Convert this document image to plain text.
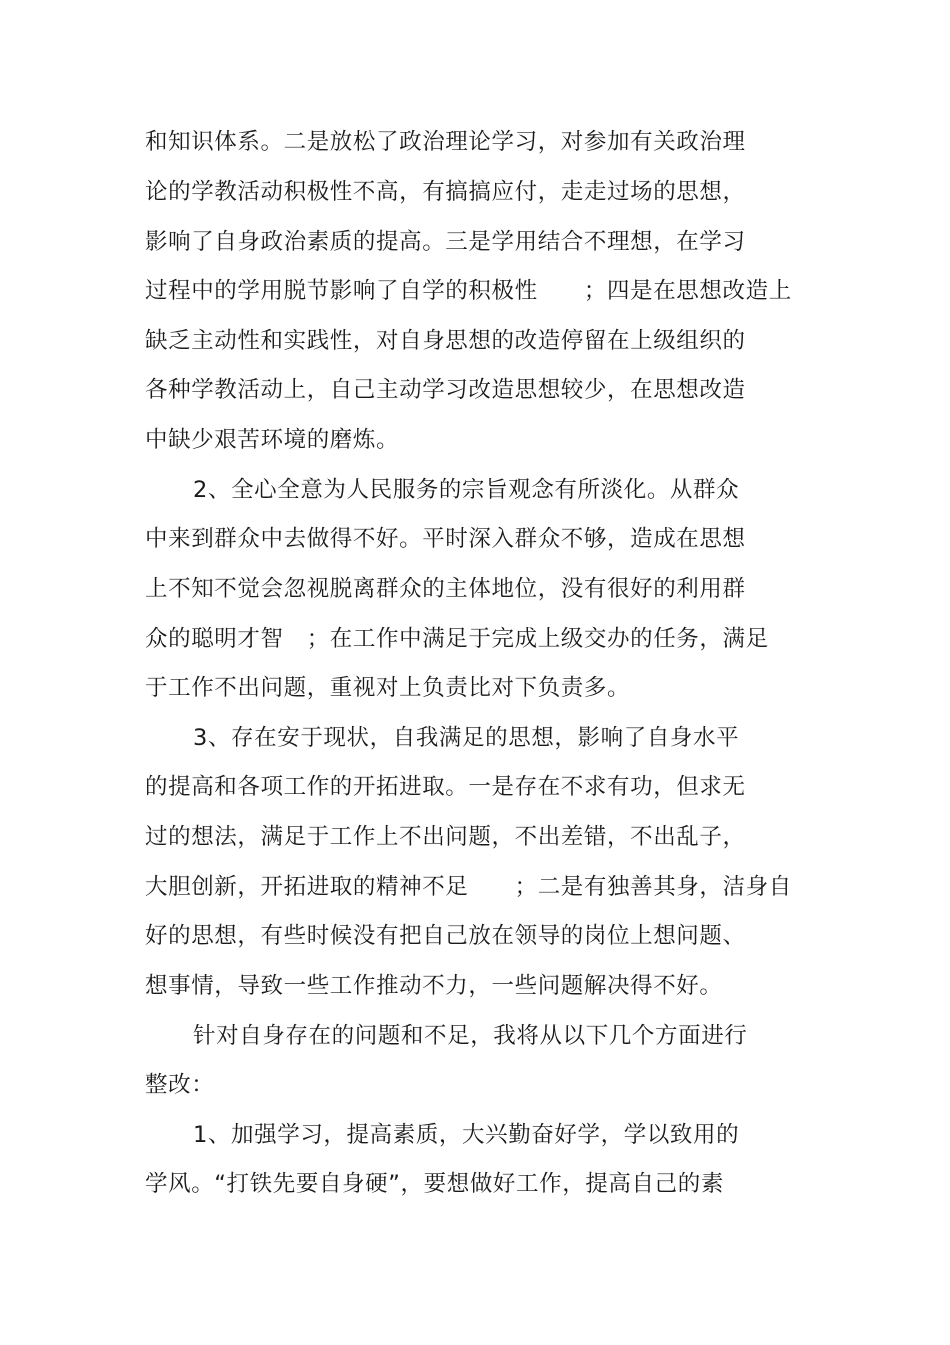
和知识体系。二是放松了政治理论学习，对参加有关政治理
论的学教活动积极性不高，有搞搞应付，走走过场的思想，
影响了自身政治素质的提高。三是学用结合不理想，在学习
过程中的学用脱节影响了自学的积极性　　；四是在思想改造上
缺乏主动性和实践性，对自身思想的改造停留在上级组织的
各种学教活动上，自己主动学习改造思想较少，在思想改造
中缺少艰苦环境的磨炼。
2、全心全意为人民服务的宗旨观念有所淡化。从群众
中来到群众中去做得不好。平时深入群众不够，造成在思想
上不知不觉会忽视脱离群众的主体地位，没有很好的利用群
众的聪明才智　；在工作中满足于完成上级交办的任务，满足
于工作不出问题，重视对上负责比对下负责多。
3、存在安于现状，自我满足的思想，影响了自身水平
的提高和各项工作的开拓进取。一是存在不求有功，但求无
过的想法，满足于工作上不出问题，不出差错，不出乱子，
大胆创新，开拓进取的精神不足　　；二是有独善其身，洁身自
好的思想，有些时候没有把自己放在领导的岗位上想问题、
想事情，导致一些工作推动不力，一些问题解决得不好。
针对自身存在的问题和不足，我将从以下几个方面进行
整改：
1、加强学习，提高素质，大兴勤奋好学，学以致用的
学风。“打铁先要自身硬”，要想做好工作，提高自己的素
